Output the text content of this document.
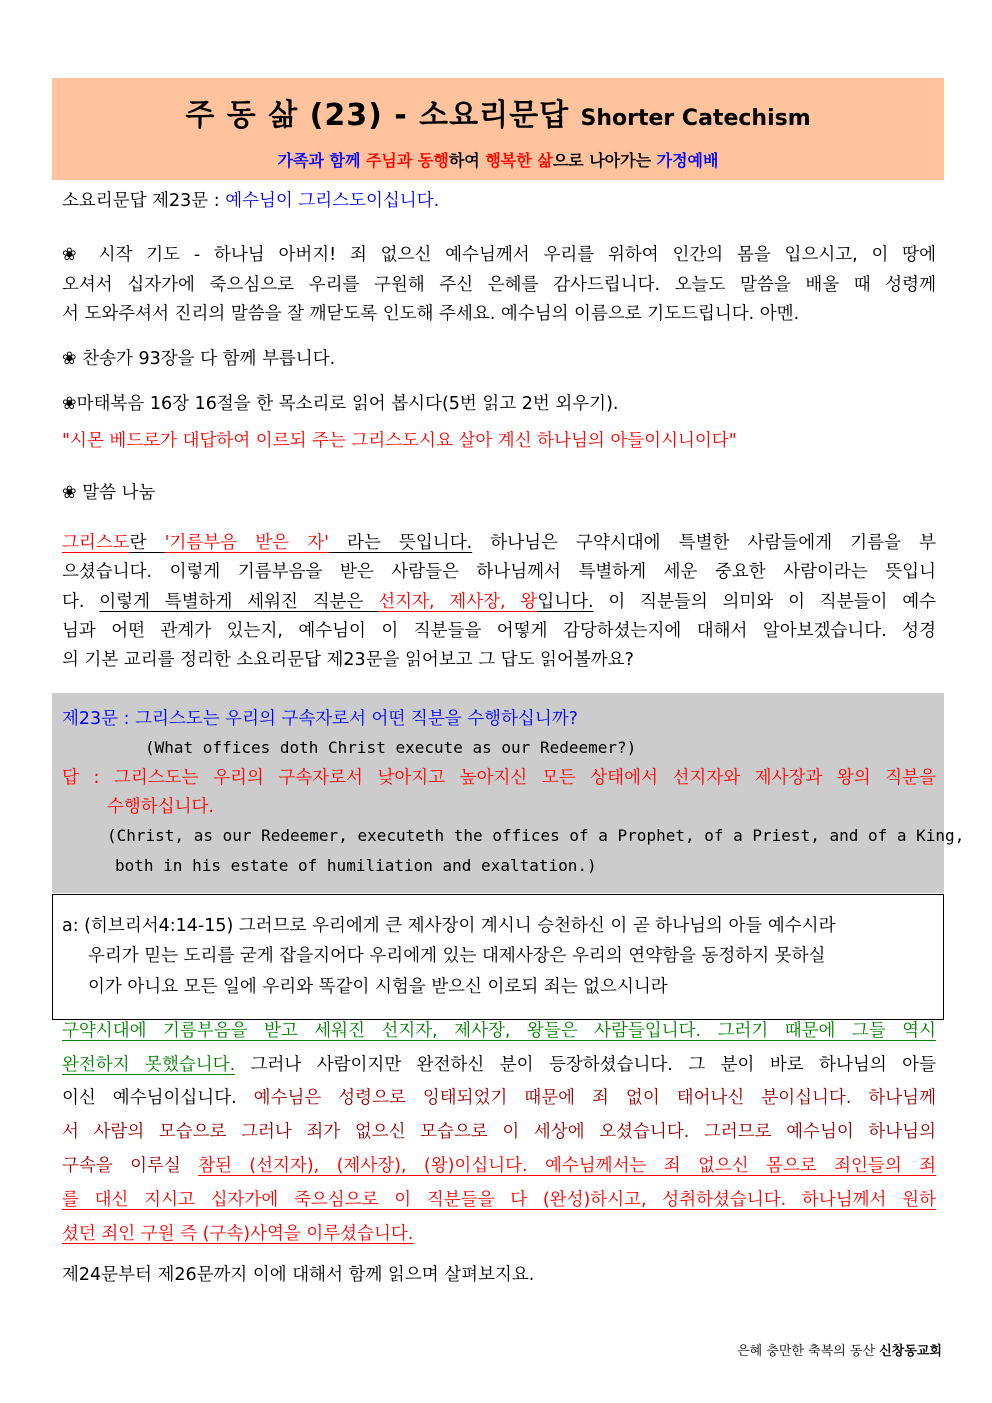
주 동 삶 (23) - 소요리문답 Shorter Catechism
가족과 함께 주님과 동행하여 행복한 삶으로 나아가는 가정예배
소요리문답 제23문 : 예수님이 그리스도이십니다.
❀ 시작 기도 - 하나님 아버지! 죄 없으신 예수님께서 우리를 위하여 인간의 몸을 입으시고, 이 땅에
오셔서 십자가에 죽으심으로 우리를 구원해 주신 은혜를 감사드립니다. 오늘도 말씀을 배울 때 성령께
서 도와주셔서 진리의 말씀을 잘 깨닫도록 인도해 주세요. 예수님의 이름으로 기도드립니다. 아멘.
❀ 찬송가 93장을 다 함께 부릅니다.
❀마태복음 16장 16절을 한 목소리로 읽어 봅시다(5번 읽고 2번 외우기).
"시몬 베드로가 대답하여 이르되 주는 그리스도시요 살아 계신 하나님의 아들이시니이다"
❀ 말씀 나눔
그리스도란 '기름부음 받은 자' 라는 뜻입니다. 하나님은 구약시대에 특별한 사람들에게 기름을 부
으셨습니다. 이렇게 기름부음을 받은 사람들은 하나님께서 특별하게 세운 중요한 사람이라는 뜻입니
다. 이렇게 특별하게 세워진 직분은 선지자, 제사장, 왕입니다. 이 직분들의 의미와 이 직분들이 예수
님과 어떤 관계가 있는지, 예수님이 이 직분들을 어떻게 감당하셨는지에 대해서 알아보겠습니다. 성경
의 기본 교리를 정리한 소요리문답 제23문을 읽어보고 그 답도 읽어볼까요?
제23문 : 그리스도는 우리의 구속자로서 어떤 직분을 수행하십니까?
(What offices doth Christ execute as our Redeemer?)
답 : 그리스도는 우리의 구속자로서 낮아지고 높아지신 모든 상태에서 선지자와 제사장과 왕의 직분을
수행하십니다.
(Christ, as our Redeemer, executeth the offices of a Prophet, of a Priest, and of a King,
both in his estate of humiliation and exaltation.)
a: (히브리서4:14-15) 그러므로 우리에게 큰 제사장이 계시니 승천하신 이 곧 하나님의 아들 예수시라
우리가 믿는 도리를 굳게 잡을지어다 우리에게 있는 대제사장은 우리의 연약함을 동정하지 못하실
이가 아니요 모든 일에 우리와 똑같이 시험을 받으신 이로되 죄는 없으시니라
구약시대에 기름부음을 받고 세워진 선지자, 제사장, 왕들은 사람들입니다. 그러기 때문에 그들 역시
완전하지 못했습니다. 그러나 사람이지만 완전하신 분이 등장하셨습니다. 그 분이 바로 하나님의 아들
이신 예수님이십니다. 예수님은 성령으로 잉태되었기 때문에 죄 없이 태어나신 분이십니다. 하나님께
서 사람의 모습으로 그러나 죄가 없으신 모습으로 이 세상에 오셨습니다. 그러므로 예수님이 하나님의
구속을 이루실 참된 (선지자), (제사장), (왕)이십니다. 예수님께서는 죄 없으신 몸으로 죄인들의 죄
를 대신 지시고 십자가에 죽으심으로 이 직분들을 다 (완성)하시고, 성취하셨습니다. 하나님께서 원하
셨던 죄인 구원 즉 (구속)사역을 이루셨습니다.
제24문부터 제26문까지 이에 대해서 함께 읽으며 살펴보지요.
은혜 충만한 축복의 동산 신창동교회
